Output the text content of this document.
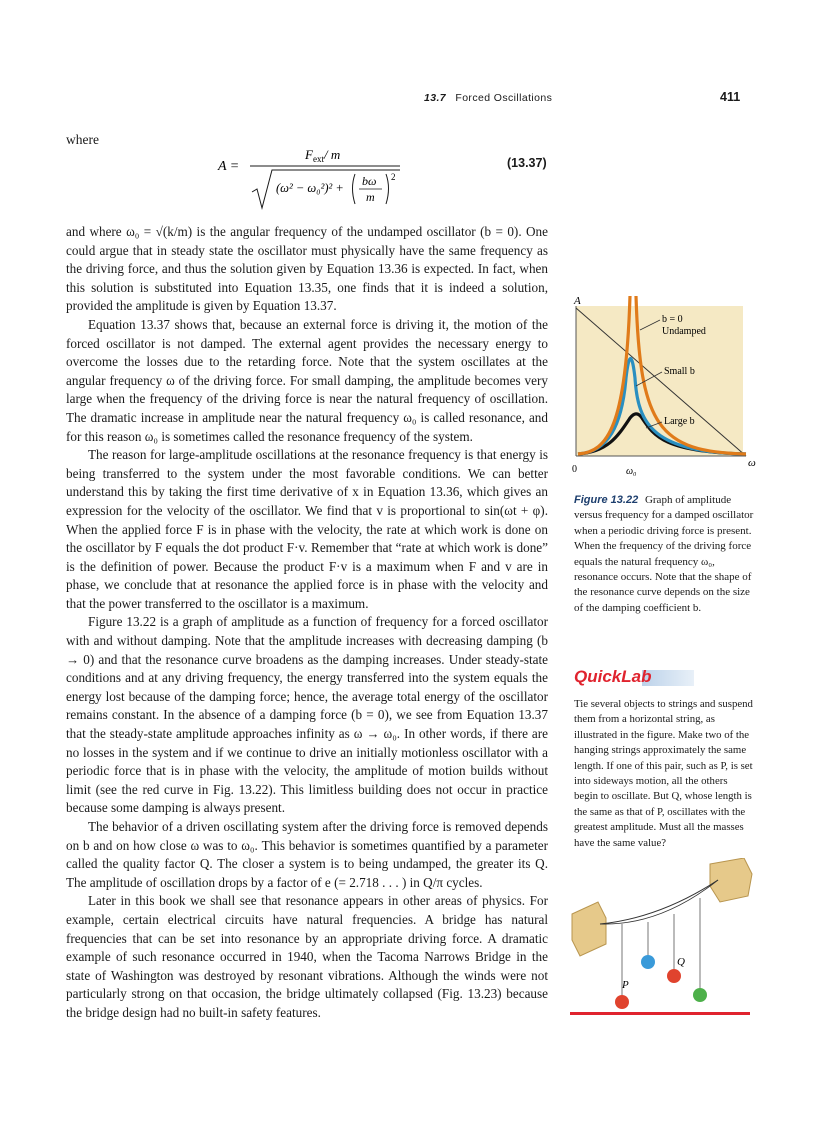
13.7 Forced Oscillations	411
where
A =
$F_{ext}/$ m
(ω² − ω₀²)² + bω
m
2
(13.37)

and where ω₀ = √(k/m) is the angular frequency of the undamped oscillator (b = 0). One could argue that in steady state the oscillator must physically have the same frequency as the driving force, and thus the solution given by Equation 13.36 is expected. In fact, when this solution is substituted into Equation 13.35, one finds that it is indeed a solution, provided the amplitude is given by Equation 13.37.

Equation 13.37 shows that, because an external force is driving it, the motion of the forced oscillator is not damped. The external agent provides the necessary energy to overcome the losses due to the retarding force. Note that the system oscillates at the angular frequency ω of the driving force. For small damping, the amplitude becomes very large when the frequency of the driving force is near the natural frequency of oscillation. The dramatic increase in amplitude near the natural frequency ω₀ is called resonance, and for this reason ω₀ is sometimes called the resonance frequency of the system.

The reason for large-amplitude oscillations at the resonance frequency is that energy is being transferred to the system under the most favorable conditions. We can better understand this by taking the first time derivative of x in Equation 13.36, which gives an expression for the velocity of the oscillator. We find that v is proportional to sin(ωt + φ). When the applied force F is in phase with the velocity, the rate at which work is done on the oscillator by F equals the dot product F·v. Remember that “rate at which work is done” is the definition of power. Because the product F·v is a maximum when F and v are in phase, we conclude that at resonance the applied force is in phase with the velocity and that the power transferred to the oscillator is a maximum.

Figure 13.22 is a graph of amplitude as a function of frequency for a forced oscillator with and without damping. Note that the amplitude increases with decreasing damping (b → 0) and that the resonance curve broadens as the damping increases. Under steady-state conditions and at any driving frequency, the energy transferred into the system equals the energy lost because of the damping force; hence, the average total energy of the oscillator remains constant. In the absence of a damping force (b = 0), we see from Equation 13.37 that the steady-state amplitude approaches infinity as ω → ω₀. In other words, if there are no losses in the system and if we continue to drive an initially motionless oscillator with a periodic force that is in phase with the velocity, the amplitude of motion builds without limit (see the red curve in Fig. 13.22). This limitless building does not occur in practice because some damping is always present.

The behavior of a driven oscillating system after the driving force is removed depends on b and on how close ω was to ω₀. This behavior is sometimes quantified by a parameter called the quality factor Q. The closer a system is to being undamped, the greater its Q. The amplitude of oscillation drops by a factor of e (= 2.718 . . . ) in Q/π cycles.

Later in this book we shall see that resonance appears in other areas of physics. For example, certain electrical circuits have natural frequencies. A bridge has natural frequencies that can be set into resonance by an appropriate driving force. A dramatic example of such resonance occurred in 1940, when the Tacoma Narrows Bridge in the state of Washington was destroyed by resonant vibrations. Although the winds were not particularly strong on that occasion, the bridge ultimately collapsed (Fig. 13.23) because the bridge design had no built-in safety features.

A
ω
0	ω₀
b = 0
Undamped
Small b
Large b
Figure 13.22 Graph of amplitude versus frequency for a damped oscillator when a periodic driving force is present. When the frequency of the driving force equals the natural frequency ω₀, resonance occurs. Note that the shape of the resonance curve depends on the size of the damping coefficient b.
QuickLab
Tie several objects to strings and suspend them from a horizontal string, as illustrated in the figure. Make two of the hanging strings approximately the same length. If one of this pair, such as P, is set into sideways motion, all the others begin to oscillate. But Q, whose length is the same as that of P, oscillates with the greatest amplitude. Must all the masses have the same value?
P
Q
